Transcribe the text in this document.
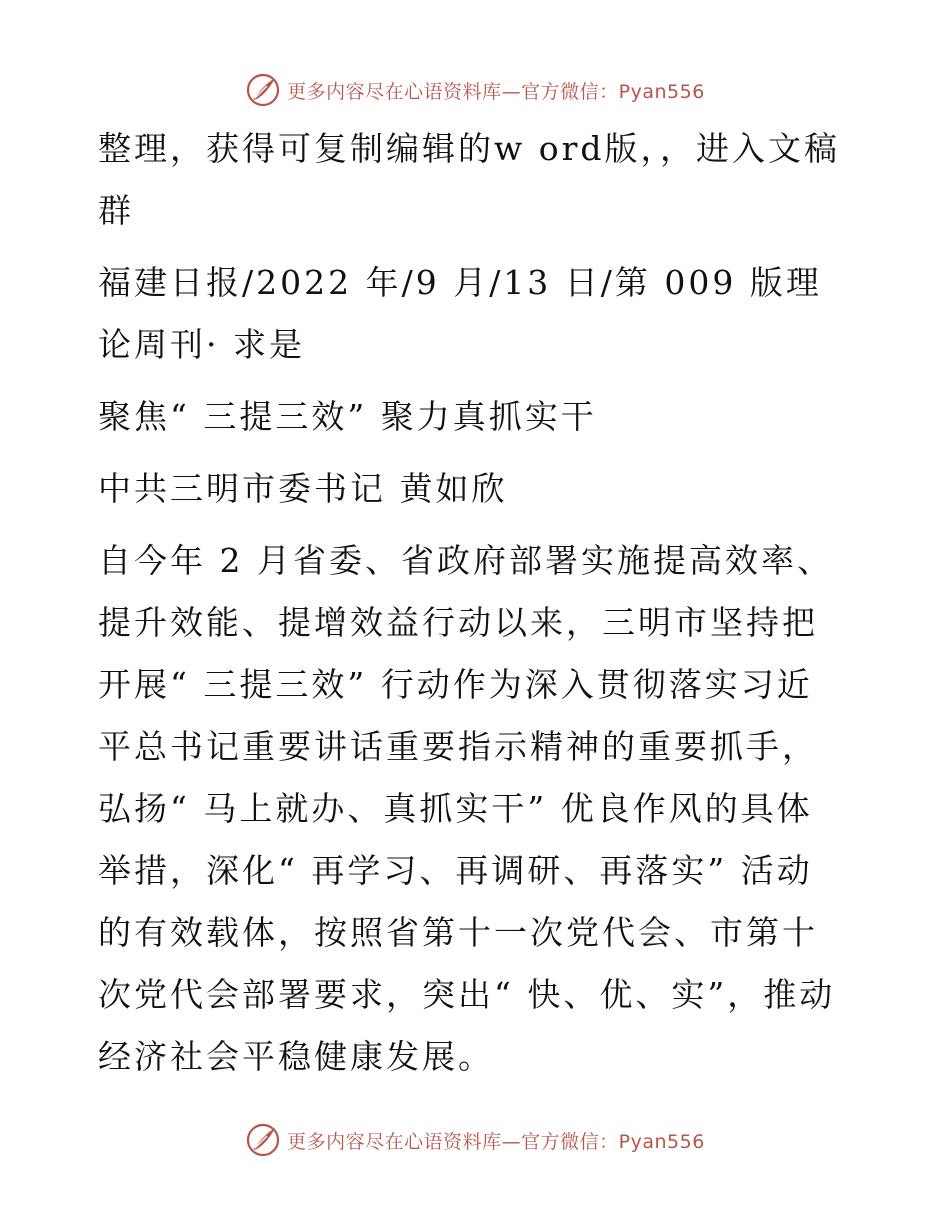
更多内容尽在心语资料库—官方微信：Pyan556

整理，获得可复制编辑的w ord版，，进入文稿群

福建日报/2022 年/9 月/13 日/第 009 版理论周刊· 求是

聚焦“ 三提三效” 聚力真抓实干

中共三明市委书记 黄如欣

自今年 2 月省委、省政府部署实施提高效率、提升效能、提增效益行动以来，三明市坚持把开展“ 三提三效” 行动作为深入贯彻落实习近平总书记重要讲话重要指示精神的重要抓手，弘扬“ 马上就办、真抓实干” 优良作风的具体举措，深化“ 再学习、再调研、再落实” 活动的有效载体，按照省第十一次党代会、市第十次党代会部署要求，突出“ 快、优、实”，推动经济社会平稳健康发展。

更多内容尽在心语资料库—官方微信：Pyan556
